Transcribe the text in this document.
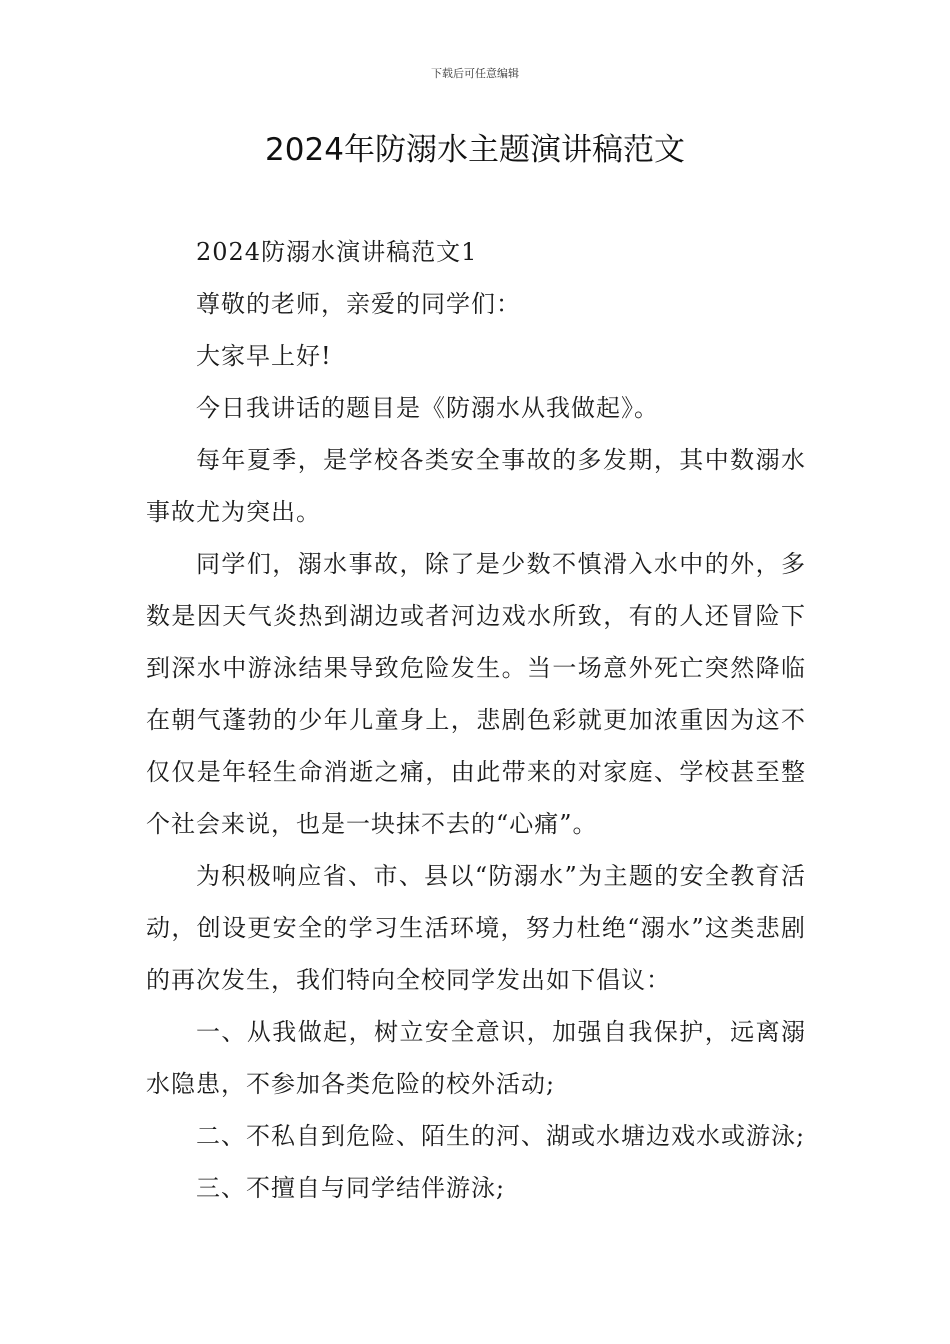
下载后可任意编辑
2024年防溺水主题演讲稿范文

2024防溺水演讲稿范文1

尊敬的老师，亲爱的同学们：

大家早上好!

今日我讲话的题目是《防溺水从我做起》。

每年夏季，是学校各类安全事故的多发期，其中数溺水事故尤为突出。

同学们，溺水事故，除了是少数不慎滑入水中的外，多数是因天气炎热到湖边或者河边戏水所致，有的人还冒险下到深水中游泳结果导致危险发生。当一场意外死亡突然降临在朝气蓬勃的少年儿童身上，悲剧色彩就更加浓重因为这不仅仅是年轻生命消逝之痛，由此带来的对家庭、学校甚至整个社会来说，也是一块抹不去的“心痛”。

为积极响应省、市、县以“防溺水”为主题的安全教育活动，创设更安全的学习生活环境，努力杜绝“溺水”这类悲剧的再次发生，我们特向全校同学发出如下倡议：

一、从我做起，树立安全意识，加强自我保护，远离溺水隐患，不参加各类危险的校外活动;

二、不私自到危险、陌生的河、湖或水塘边戏水或游泳;

三、不擅自与同学结伴游泳;
